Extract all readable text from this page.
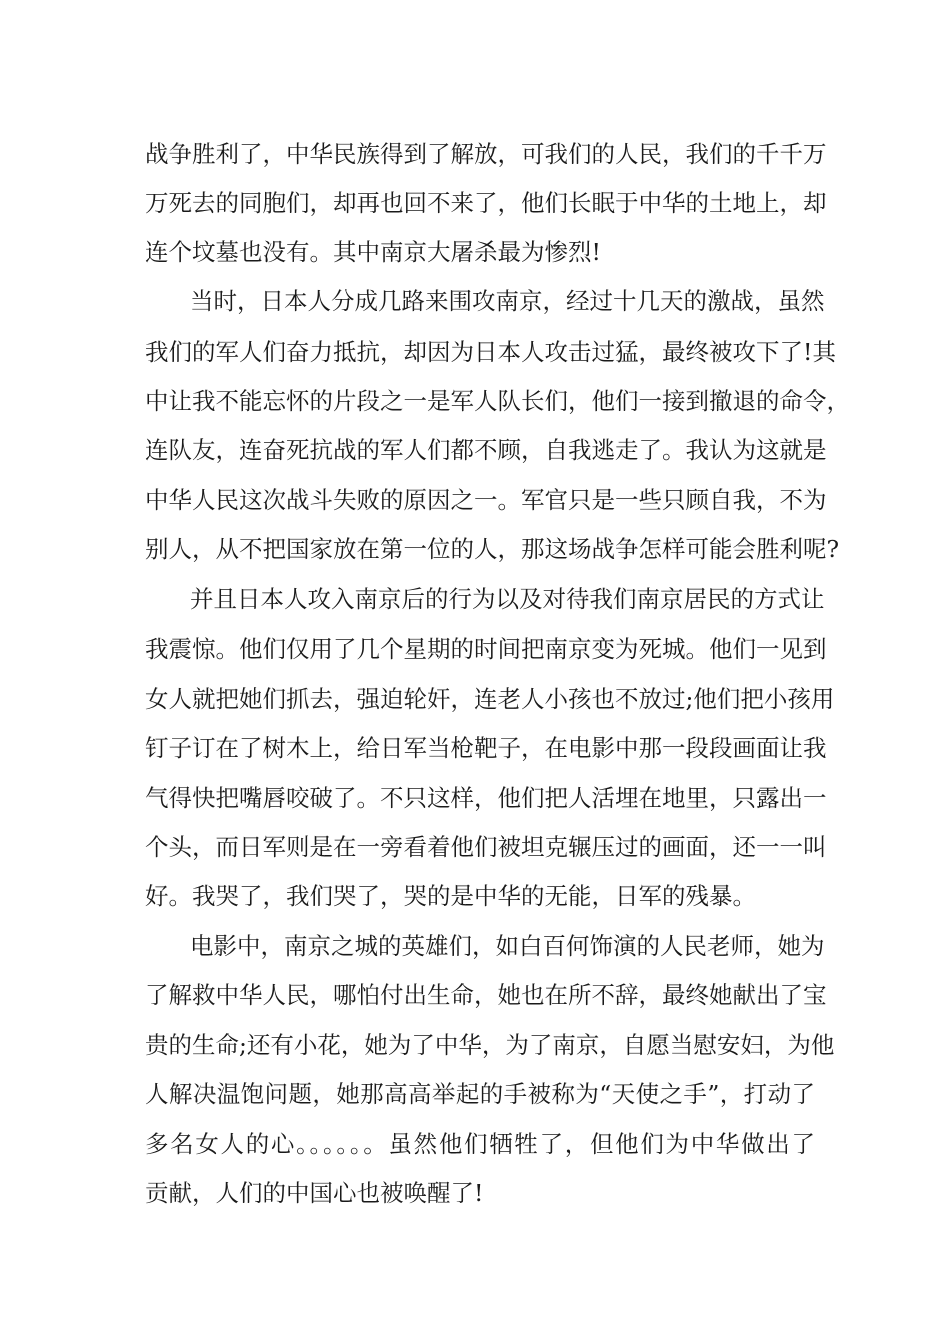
战争胜利了，中华民族得到了解放，可我们的人民，我们的千千万
万死去的同胞们，却再也回不来了，他们长眠于中华的土地上，却
连个坟墓也没有。其中南京大屠杀最为惨烈!
当时，日本人分成几路来围攻南京，经过十几天的激战，虽然
我们的军人们奋力抵抗，却因为日本人攻击过猛，最终被攻下了!其
中让我不能忘怀的片段之一是军人队长们，他们一接到撤退的命令，
连队友，连奋死抗战的军人们都不顾，自我逃走了。我认为这就是
中华人民这次战斗失败的原因之一。军官只是一些只顾自我，不为
别人，从不把国家放在第一位的人，那这场战争怎样可能会胜利呢?
并且日本人攻入南京后的行为以及对待我们南京居民的方式让
我震惊。他们仅用了几个星期的时间把南京变为死城。他们一见到
女人就把她们抓去，强迫轮奸，连老人小孩也不放过;他们把小孩用
钉子订在了树木上，给日军当枪靶子，在电影中那一段段画面让我
气得快把嘴唇咬破了。不只这样，他们把人活埋在地里，只露出一
个头，而日军则是在一旁看着他们被坦克辗压过的画面，还一一叫
好。我哭了，我们哭了，哭的是中华的无能，日军的残暴。
电影中，南京之城的英雄们，如白百何饰演的人民老师，她为
了解救中华人民，哪怕付出生命，她也在所不辞，最终她献出了宝
贵的生命;还有小花，她为了中华，为了南京，自愿当慰安妇，为他
人解决温饱问题，她那高高举起的手被称为“天使之手”，打动了
多名女人的心。。。。。。虽然他们牺牲了，但他们为中华做出了
贡献，人们的中国心也被唤醒了!
